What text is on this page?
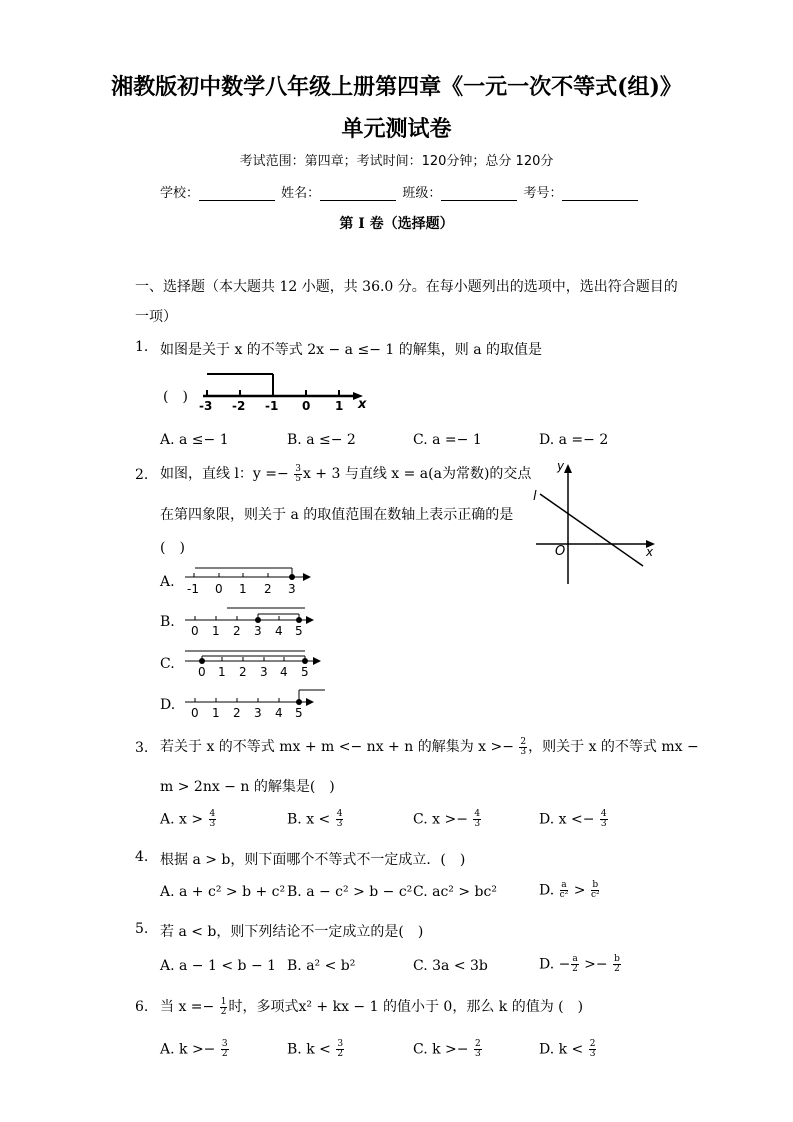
湘教版初中数学八年级上册第四章《一元一次不等式(组)》
单元测试卷
考试范围：第四章；考试时间：120分钟；总分 120分
学校：	姓名：	班级：	考号：
第 I 卷（选择题）
一、选择题（本大题共 12 小题，共 36.0 分。在每小题列出的选项中，选出符合题目的
一项）
1. 如图是关于 x 的不等式 2x − a ≤− 1 的解集，则 a 的取值是
(　)
-3 -2 -1 0 1 x
A. a ≤− 1	B. a ≤− 2	C. a =− 1	D. a =− 2
2. 如图，直线 l：$y =- \frac{3}{5}$ x + 3 与直线 x = a(a为常数)的交点
在第四象限，则关于 a 的取值范围在数轴上表示正确的是
(　)
y
l
O	x
A. -1 0 1 2 3
B.
0 1 2 3 4 5
C. 0 1 2 3 4 5
D. 0 1 2 3 4 5
3. 若关于 x 的不等式 mx + m <− nx + n 的解集为 $x >- \frac{2}{3}$ ，则关于 x 的不等式 mx −
m > 2nx − n 的解集是(　)
A. $x > \frac{4}{3}$	B. $x < \frac{4}{3}$	C. $x >- \frac{4}{3}$	D. $x <- \frac{4}{3}$
4. 根据 a > b，则下面哪个不等式不一定成立．(　)
A. a + c² > b + c² B. a − c² > b − c² C. ac² > bc²	D. $\frac{a}{\text{c²}} > \frac{b}{\text{c²}}$
5. 若 a < b，则下列结论不一定成立的是(　)
A. a − 1 < b − 1 B. a² < b²	C. 3a < 3b	D. − $\frac{a}{2} >- \frac{b}{2}$
6. 当 $x =- \frac{1}{2}$ 时，多项式x² + kx − 1 的值小于 0，那么 k 的值为 (　)
A. $k >- \frac{3}{2}$	B. $k < \frac{3}{2}$	C. $k >- \frac{2}{3}$	D. $k < \frac{2}{3}$
